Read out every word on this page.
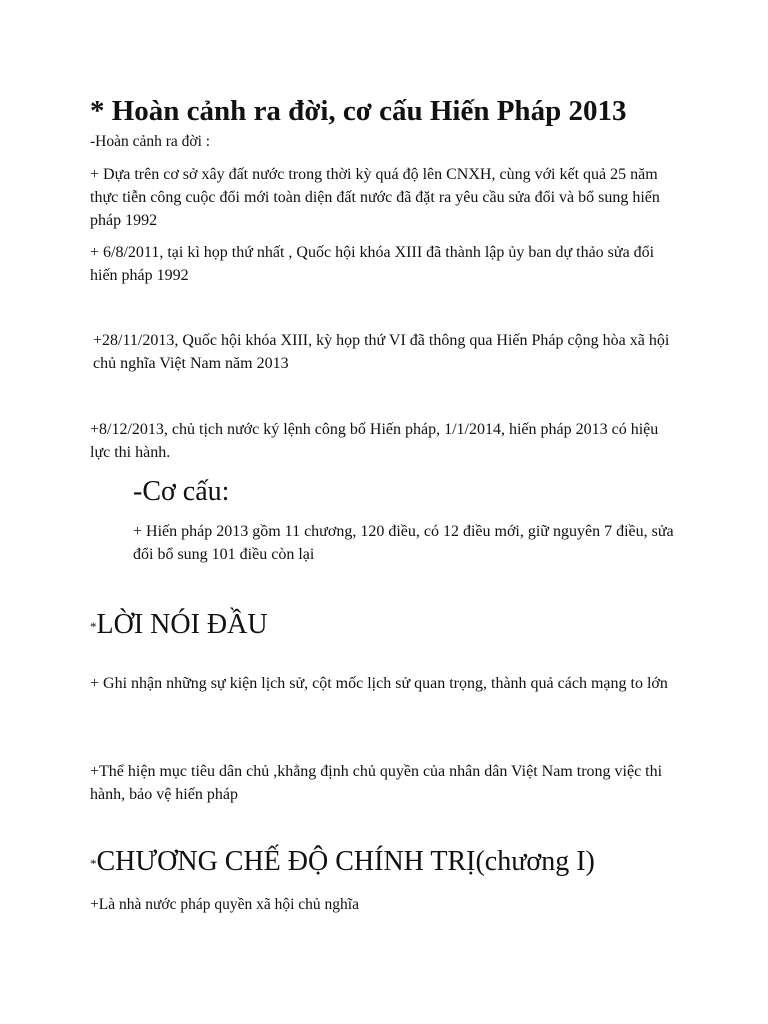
* Hoàn cảnh ra đời, cơ cấu Hiến Pháp 2013

-Hoàn cảnh ra đời :

+ Dựa trên cơ sở xây đất nước trong thời kỳ quá độ lên CNXH, cùng với kết quả 25 năm thực tiễn công cuộc đổi mới toàn diện đất nước đã đặt ra yêu cầu sửa đổi và bổ sung hiến pháp 1992

+ 6/8/2011, tại kì họp thứ nhất , Quốc hội khóa XIII đã thành lập ủy ban dự thảo sửa đổi hiến pháp 1992

+28/11/2013, Quốc hội khóa XIII, kỳ họp thứ VI đã thông qua Hiến Pháp cộng hòa xã hội chủ nghĩa Việt Nam năm 2013

+8/12/2013, chủ tịch nước ký lệnh công bố Hiến pháp, 1/1/2014, hiến pháp 2013 có hiệu lực thi hành.

-Cơ cấu:

+ Hiến pháp 2013 gồm 11 chương, 120 điều, có 12 điều mới, giữ nguyên 7 điều, sửa đổi bổ sung 101 điều còn lại

*LỜI NÓI ĐẦU

+ Ghi nhận những sự kiện lịch sử, cột mốc lịch sử quan trọng, thành quả cách mạng to lớn

+Thể hiện mục tiêu dân chủ ,khẳng định chủ quyền của nhân dân Việt Nam trong việc thi hành, bảo vệ hiến pháp

*CHƯƠNG CHẾ ĐỘ CHÍNH TRỊ(chương I)

+Là nhà nước pháp quyền xã hội chủ nghĩa
